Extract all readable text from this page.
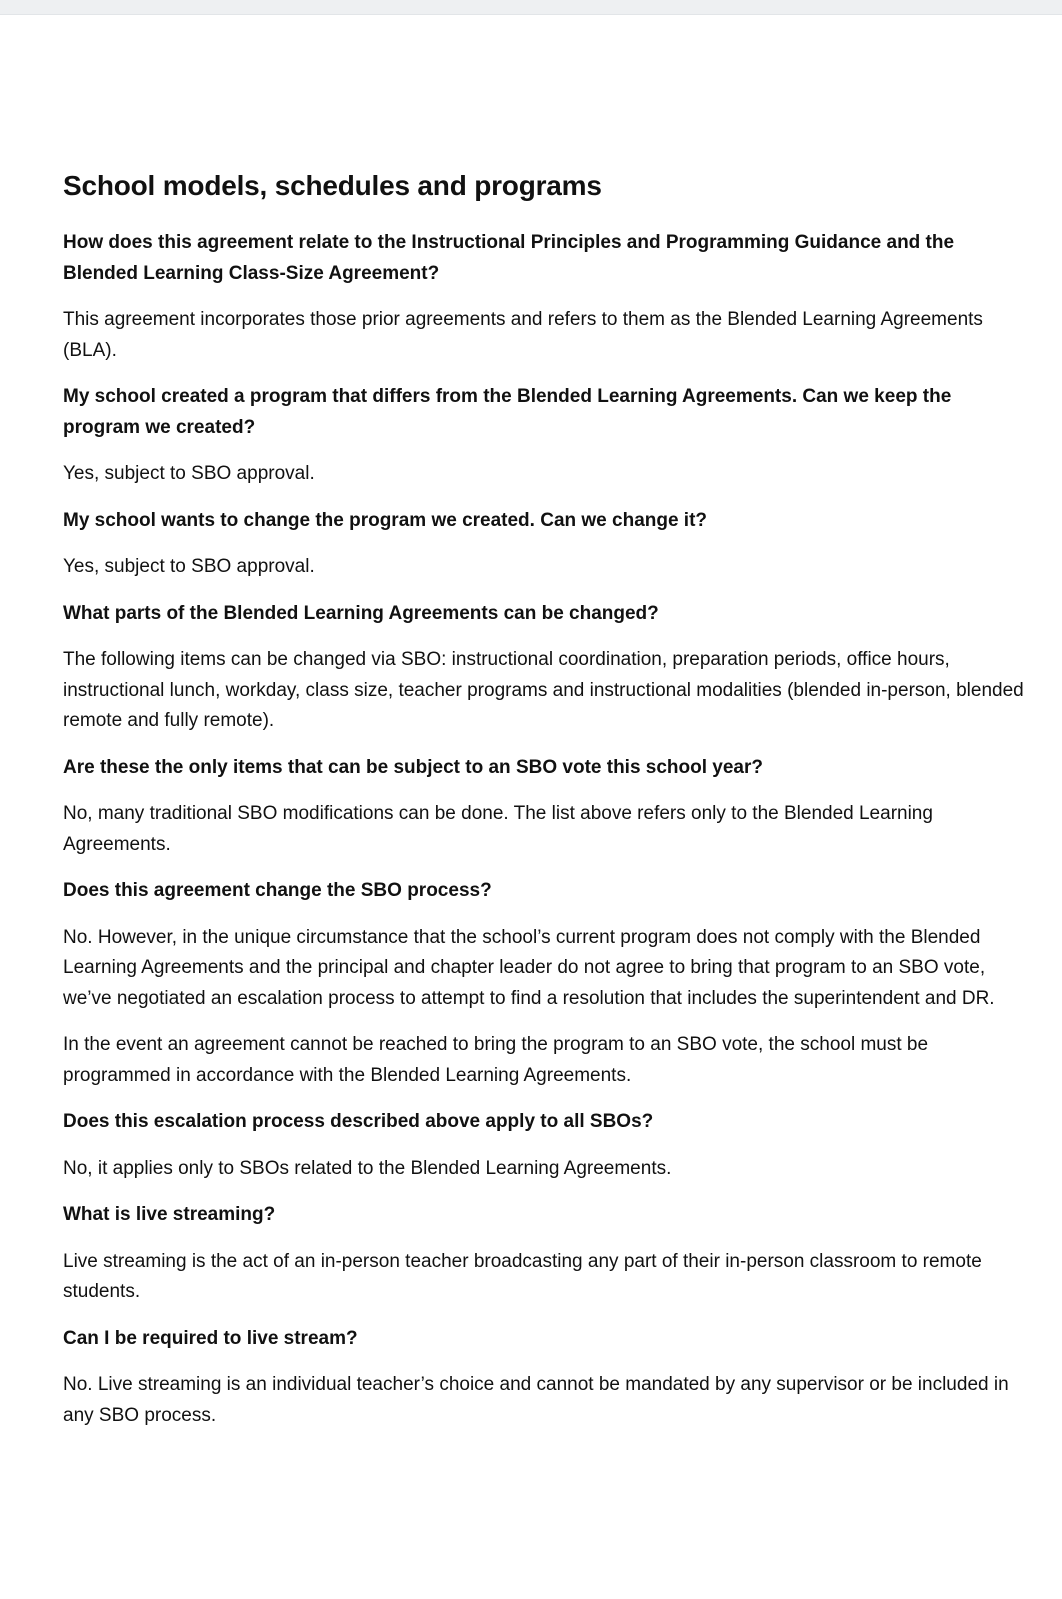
School models, schedules and programs

How does this agreement relate to the Instructional Principles and Programming Guidance and the Blended Learning Class-Size Agreement?

This agreement incorporates those prior agreements and refers to them as the Blended Learning Agreements (BLA).

My school created a program that differs from the Blended Learning Agreements. Can we keep the program we created?

Yes, subject to SBO approval.

My school wants to change the program we created. Can we change it?

Yes, subject to SBO approval.

What parts of the Blended Learning Agreements can be changed?

The following items can be changed via SBO: instructional coordination, preparation periods, office hours, instructional lunch, workday, class size, teacher programs and instructional modalities (blended in-person, blended remote and fully remote).

Are these the only items that can be subject to an SBO vote this school year?

No, many traditional SBO modifications can be done. The list above refers only to the Blended Learning Agreements.

Does this agreement change the SBO process?

No. However, in the unique circumstance that the school’s current program does not comply with the Blended Learning Agreements and the principal and chapter leader do not agree to bring that program to an SBO vote, we’ve negotiated an escalation process to attempt to find a resolution that includes the superintendent and DR.

In the event an agreement cannot be reached to bring the program to an SBO vote, the school must be programmed in accordance with the Blended Learning Agreements.

Does this escalation process described above apply to all SBOs?

No, it applies only to SBOs related to the Blended Learning Agreements.

What is live streaming?

Live streaming is the act of an in-person teacher broadcasting any part of their in-person classroom to remote students.

Can I be required to live stream?

No. Live streaming is an individual teacher’s choice and cannot be mandated by any supervisor or be included in any SBO process.
